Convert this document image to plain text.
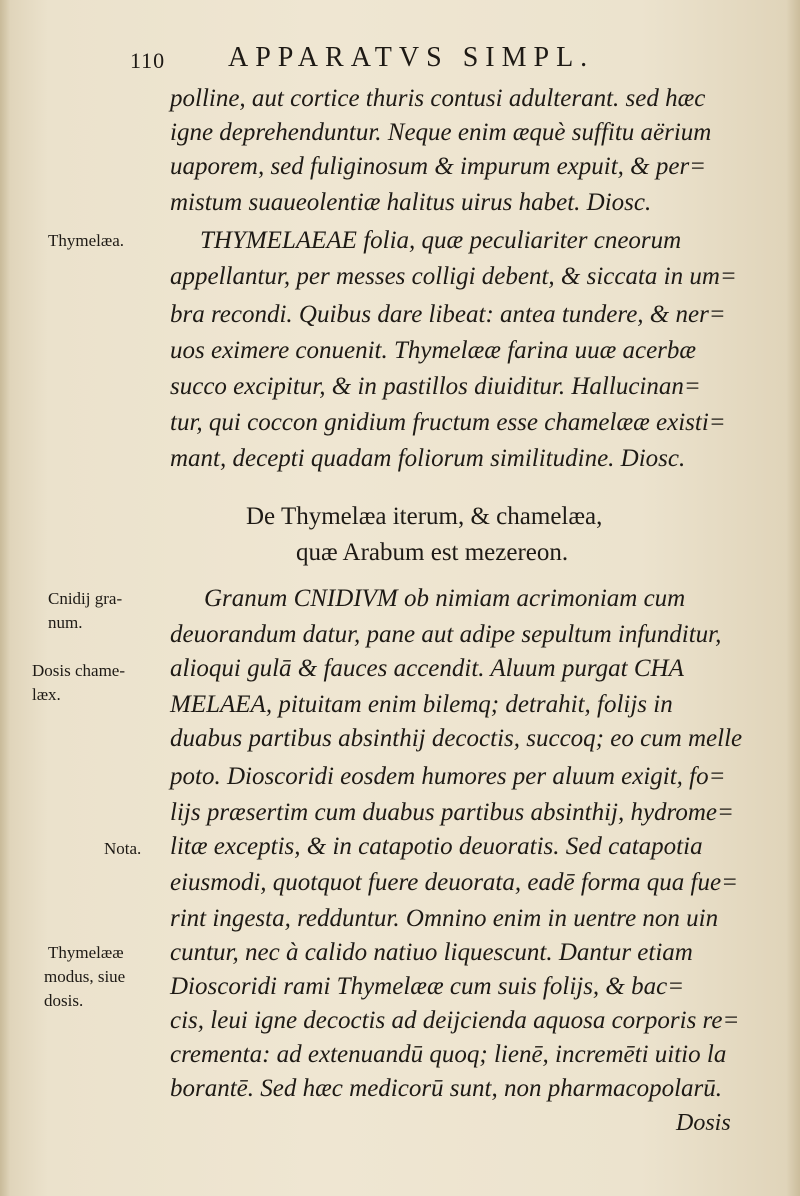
110 APPARATVS SIMPL.
polline, aut cortice thuris contusi adulterant. sed hæc
igne deprehenduntur. Neque enim æquè suffitu aërium
uaporem, sed fuliginosum & impurum expuit, & per=
mistum suaueolentiæ halitus uirus habet. Diosc.
THYMELAEAE folia, quæ peculiariter cneorum
appellantur, per messes colligi debent, & siccata in um=
bra recondi. Quibus dare libeat: antea tundere, & ner=
uos eximere conuenit. Thymelææ farina uuæ acerbæ
succo excipitur, & in pastillos diuiditur. Hallucinan=
tur, qui coccon gnidium fructum esse chamelææ existi=
mant, decepti quadam foliorum similitudine. Diosc.
De Thymelæa iterum, & chamelæa,
quæ Arabum est mezereon.
Granum CNIDIVM ob nimiam acrimoniam cum
deuorandum datur, pane aut adipe sepultum infunditur,
alioqui gulā & fauces accendit. Aluum purgat CHA
MELAEA, pituitam enim bilemq; detrahit, folijs in
duabus partibus absinthij decoctis, succoq; eo cum melle
poto. Dioscoridi eosdem humores per aluum exigit, fo=
lijs præsertim cum duabus partibus absinthij, hydrome=
litæ exceptis, & in catapotio deuoratis. Sed catapotia
eiusmodi, quotquot fuere deuorata, eadē forma qua fue=
rint ingesta, redduntur. Omnino enim in uentre non uin
cuntur, nec à calido natiuo liquescunt. Dantur etiam
Dioscoridi rami Thymelææ cum suis folijs, & bac=
cis, leui igne decoctis ad deijcienda aquosa corporis re=
crementa: ad extenuandū quoq; lienē, incremēti uitio la
borantē. Sed hæc medicorū sunt, non pharmacopolarū.
Dosis
Thymelæa.
Cnidij gra-
num.
Dosis chame-
læx.
Nota.
Thymelææ
modus, siue
dosis.
